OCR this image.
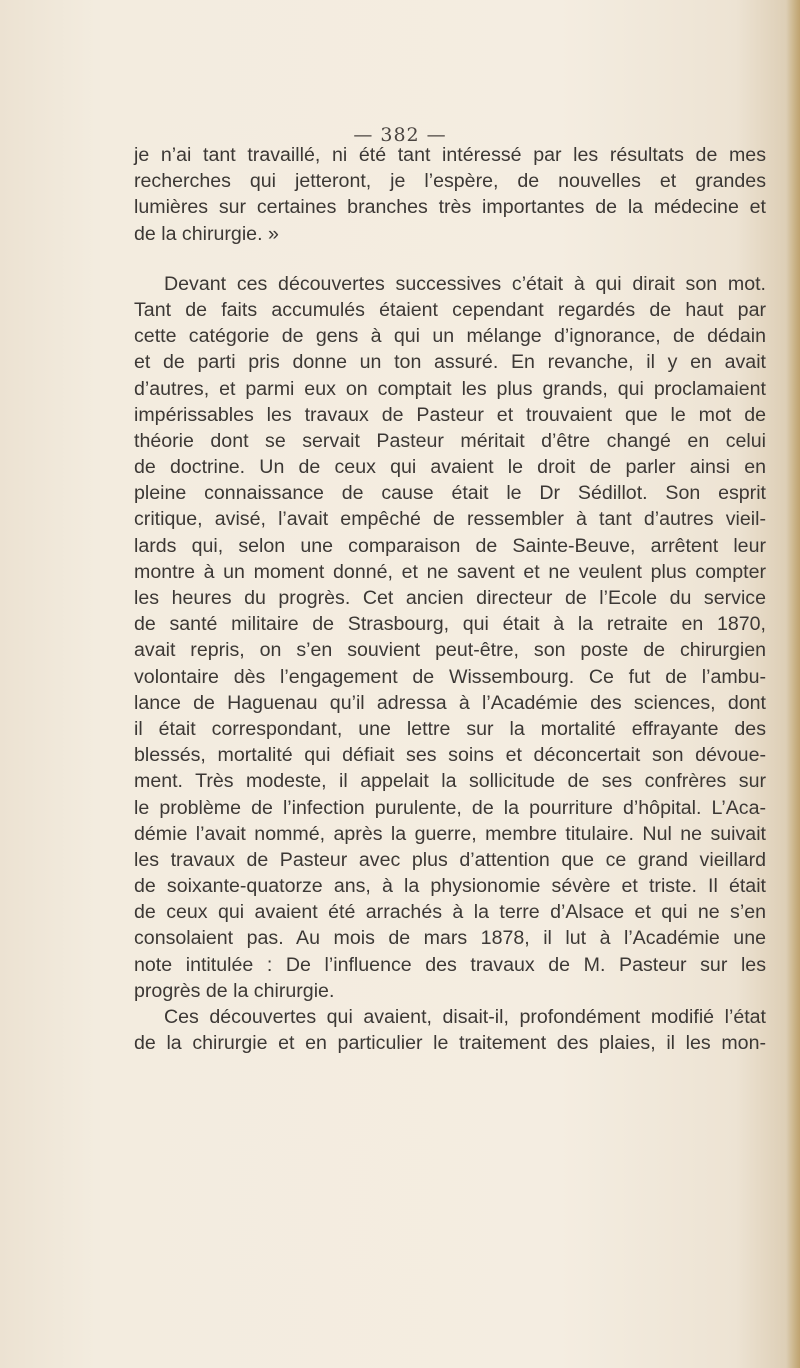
— 382 —
je n’ai tant travaillé, ni été tant intéressé par les résultats de mes
recherches qui jetteront, je l’espère, de nouvelles et grandes
lumières sur certaines branches très importantes de la médecine et
de la chirurgie. »
Devant ces découvertes successives c’était à qui dirait son mot.
Tant de faits accumulés étaient cependant regardés de haut par
cette catégorie de gens à qui un mélange d’ignorance, de dédain
et de parti pris donne un ton assuré. En revanche, il y en avait
d’autres, et parmi eux on comptait les plus grands, qui proclamaient
impérissables les travaux de Pasteur et trouvaient que le mot de
théorie dont se servait Pasteur méritait d’être changé en celui
de doctrine. Un de ceux qui avaient le droit de parler ainsi en
pleine connaissance de cause était le Dr Sédillot. Son esprit
critique, avisé, l’avait empêché de ressembler à tant d’autres vieil-
lards qui, selon une comparaison de Sainte-Beuve, arrêtent leur
montre à un moment donné, et ne savent et ne veulent plus compter
les heures du progrès. Cet ancien directeur de l’Ecole du service
de santé militaire de Strasbourg, qui était à la retraite en 1870,
avait repris, on s’en souvient peut-être, son poste de chirurgien
volontaire dès l’engagement de Wissembourg. Ce fut de l’ambu-
lance de Haguenau qu’il adressa à l’Académie des sciences, dont
il était correspondant, une lettre sur la mortalité effrayante des
blessés, mortalité qui défiait ses soins et déconcertait son dévoue-
ment. Très modeste, il appelait la sollicitude de ses confrères sur
le problème de l’infection purulente, de la pourriture d’hôpital. L’Aca-
démie l’avait nommé, après la guerre, membre titulaire. Nul ne suivait
les travaux de Pasteur avec plus d’attention que ce grand vieillard
de soixante-quatorze ans, à la physionomie sévère et triste. Il était
de ceux qui avaient été arrachés à la terre d’Alsace et qui ne s’en
consolaient pas. Au mois de mars 1878, il lut à l’Académie une
note intitulée : De l’influence des travaux de M. Pasteur sur les
progrès de la chirurgie.
Ces découvertes qui avaient, disait-il, profondément modifié l’état
de la chirurgie et en particulier le traitement des plaies, il les mon-
